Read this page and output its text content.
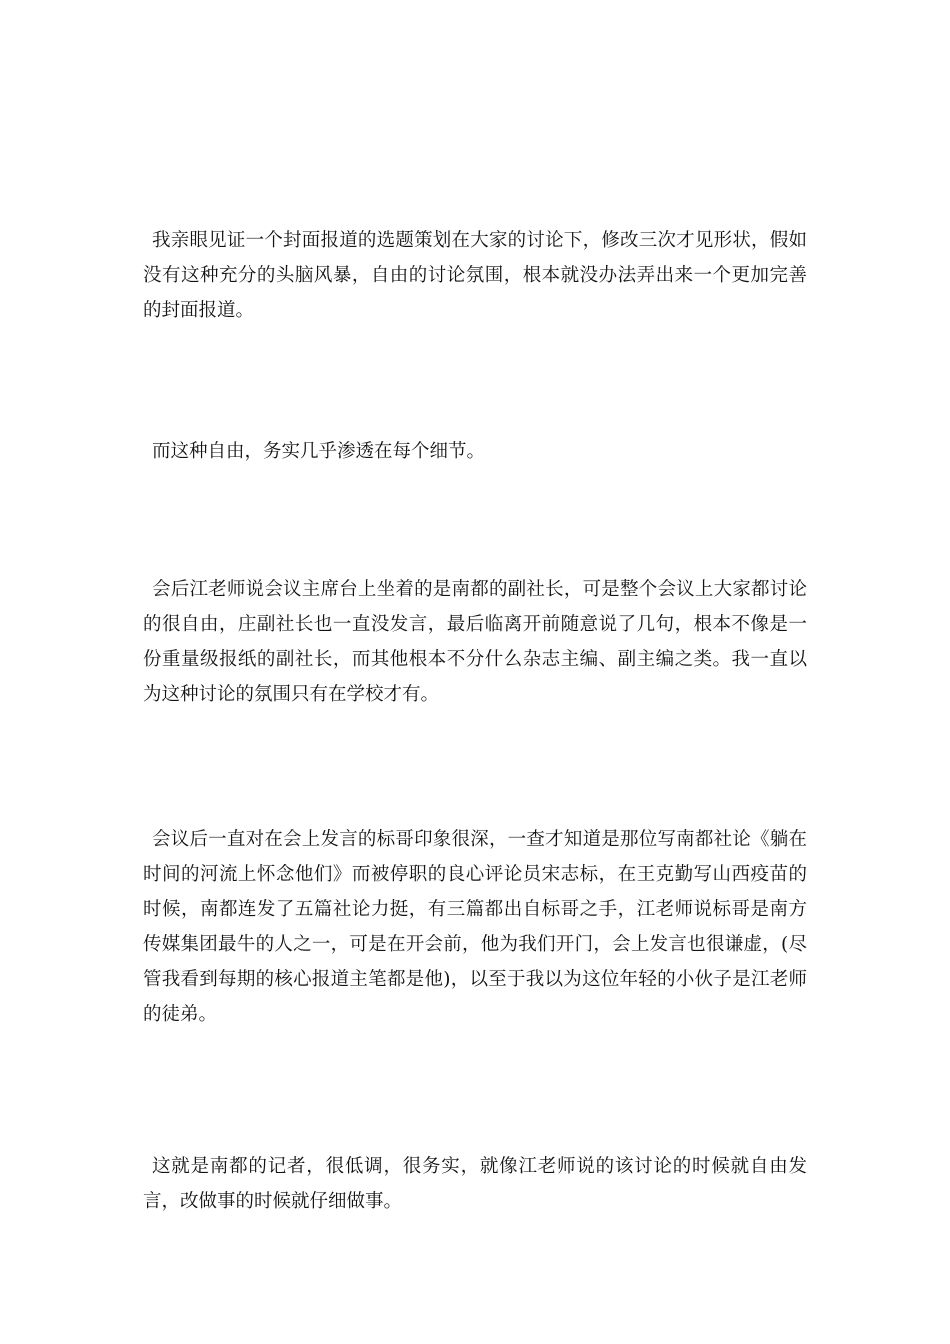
我亲眼见证一个封面报道的选题策划在大家的讨论下，修改三次才见形状，假如没有这种充分的头脑风暴，自由的讨论氛围，根本就没办法弄出来一个更加完善的封面报道。

而这种自由，务实几乎渗透在每个细节。

会后江老师说会议主席台上坐着的是南都的副社长，可是整个会议上大家都讨论的很自由，庄副社长也一直没发言，最后临离开前随意说了几句，根本不像是一份重量级报纸的副社长，而其他根本不分什么杂志主编、副主编之类。我一直以为这种讨论的氛围只有在学校才有。

会议后一直对在会上发言的标哥印象很深，一查才知道是那位写南都社论《躺在时间的河流上怀念他们》而被停职的良心评论员宋志标，在王克勤写山西疫苗的时候，南都连发了五篇社论力挺，有三篇都出自标哥之手，江老师说标哥是南方传媒集团最牛的人之一，可是在开会前，他为我们开门，会上发言也很谦虚，(尽管我看到每期的核心报道主笔都是他)，以至于我以为这位年轻的小伙子是江老师的徒弟。

这就是南都的记者，很低调，很务实，就像江老师说的该讨论的时候就自由发言，改做事的时候就仔细做事。
